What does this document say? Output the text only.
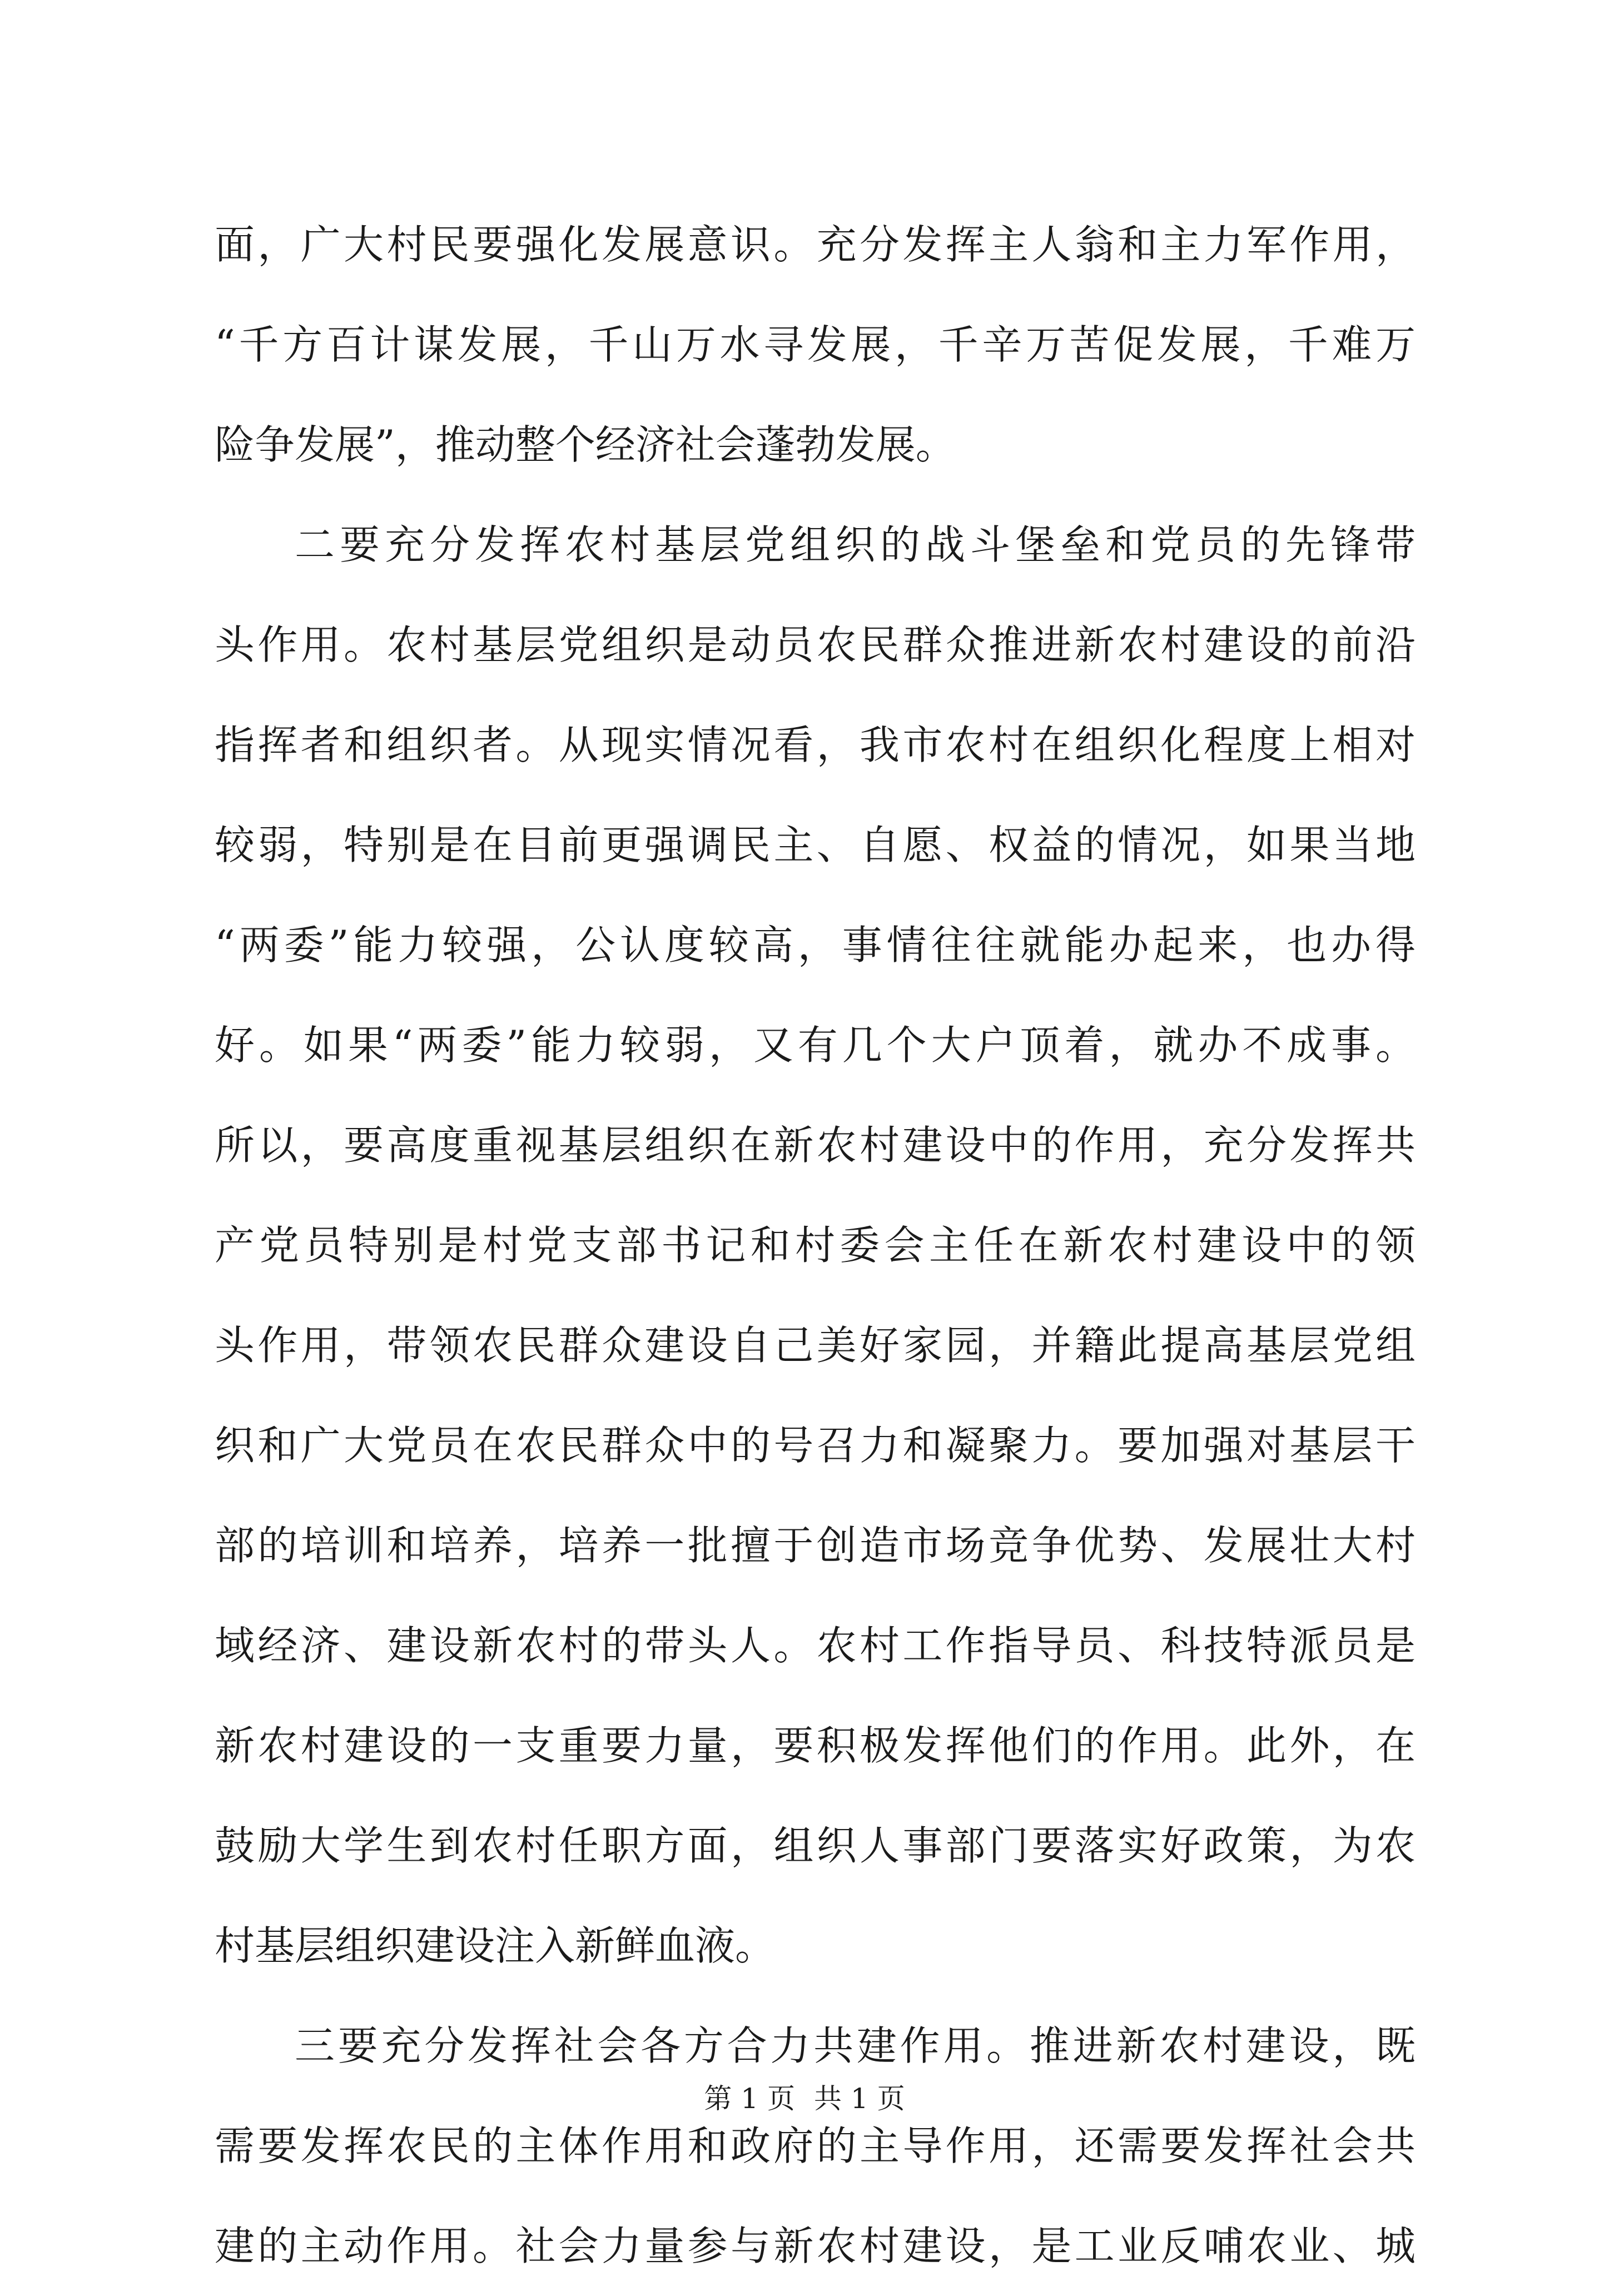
面，广大村民要强化发展意识。充分发挥主人翁和主力军作用，
“千方百计谋发展，千山万水寻发展，千辛万苦促发展，千难万
险争发展”，推动整个经济社会蓬勃发展。
二要充分发挥农村基层党组织的战斗堡垒和党员的先锋带
头作用。农村基层党组织是动员农民群众推进新农村建设的前沿
指挥者和组织者。从现实情况看，我市农村在组织化程度上相对
较弱，特别是在目前更强调民主、自愿、权益的情况，如果当地
“两委”能力较强，公认度较高，事情往往就能办起来，也办得
好。如果“两委”能力较弱，又有几个大户顶着，就办不成事。
所以，要高度重视基层组织在新农村建设中的作用，充分发挥共
产党员特别是村党支部书记和村委会主任在新农村建设中的领
头作用，带领农民群众建设自己美好家园，并籍此提高基层党组
织和广大党员在农民群众中的号召力和凝聚力。要加强对基层干
部的培训和培养，培养一批擅于创造市场竞争优势、发展壮大村
域经济、建设新农村的带头人。农村工作指导员、科技特派员是
新农村建设的一支重要力量，要积极发挥他们的作用。此外，在
鼓励大学生到农村任职方面，组织人事部门要落实好政策，为农
村基层组织建设注入新鲜血液。
三要充分发挥社会各方合力共建作用。推进新农村建设，既
需要发挥农民的主体作用和政府的主导作用，还需要发挥社会共
建的主动作用。社会力量参与新农村建设，是工业反哺农业、城
第 1 页 共 1 页
